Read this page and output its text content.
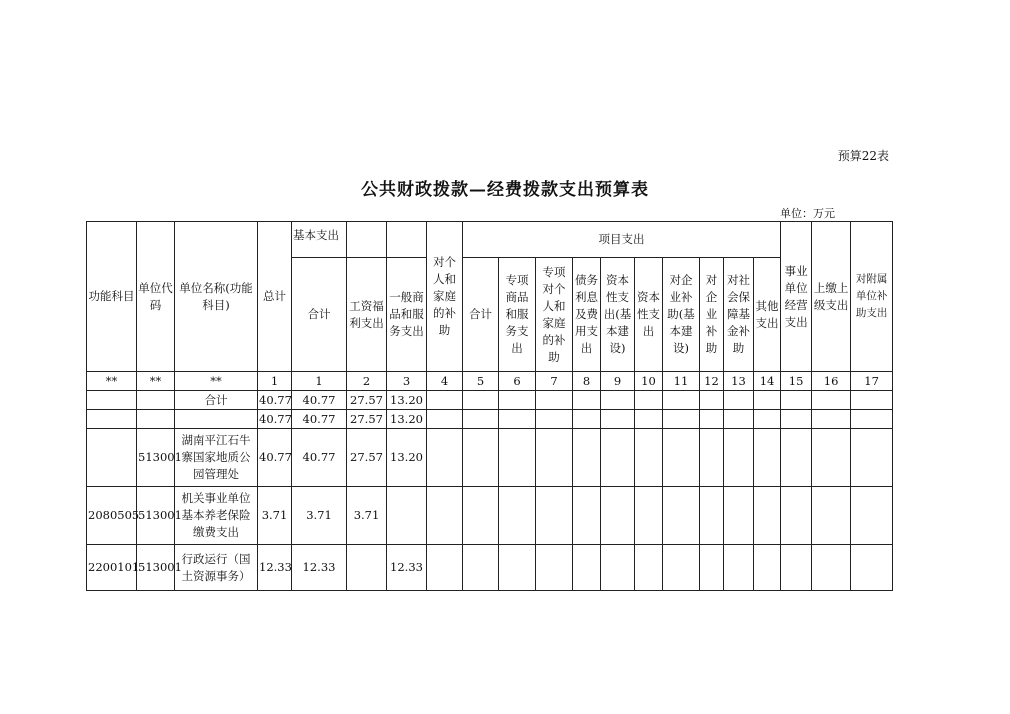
预算22表
公共财政拨款—经费拨款支出预算表
单位：万元
功能科目	单位代码	单位名称(功能科目)	总计	基本支出			对个人和家庭的补助	项目支出										事业单位经营支出	上缴上级支出	对附属单位补助支出
				合计	工资福利支出	一般商品和服务支出		合计	专项商品和服务支出	专项对个人和家庭的补助	债务利息及费用支出	资本性支出(基本建设)	资本性支出	对企业补助(基本建设)	对企业补助	对社会保障基金补助	其他支出			
**	**	**	1	1	2	3	4	5	6	7	8	9	10	11	12	13	14	15	16	17
		合计	40.77	40.77	27.57	13.20														
			40.77	40.77	27.57	13.20														
	513001	湖南平江石牛寨国家地质公园管理处	40.77	40.77	27.57	13.20														
2080505	513001	机关事业单位基本养老保险缴费支出	3.71	3.71	3.71															
2200101	513001	行政运行（国土资源事务）	12.33	12.33		12.33														
